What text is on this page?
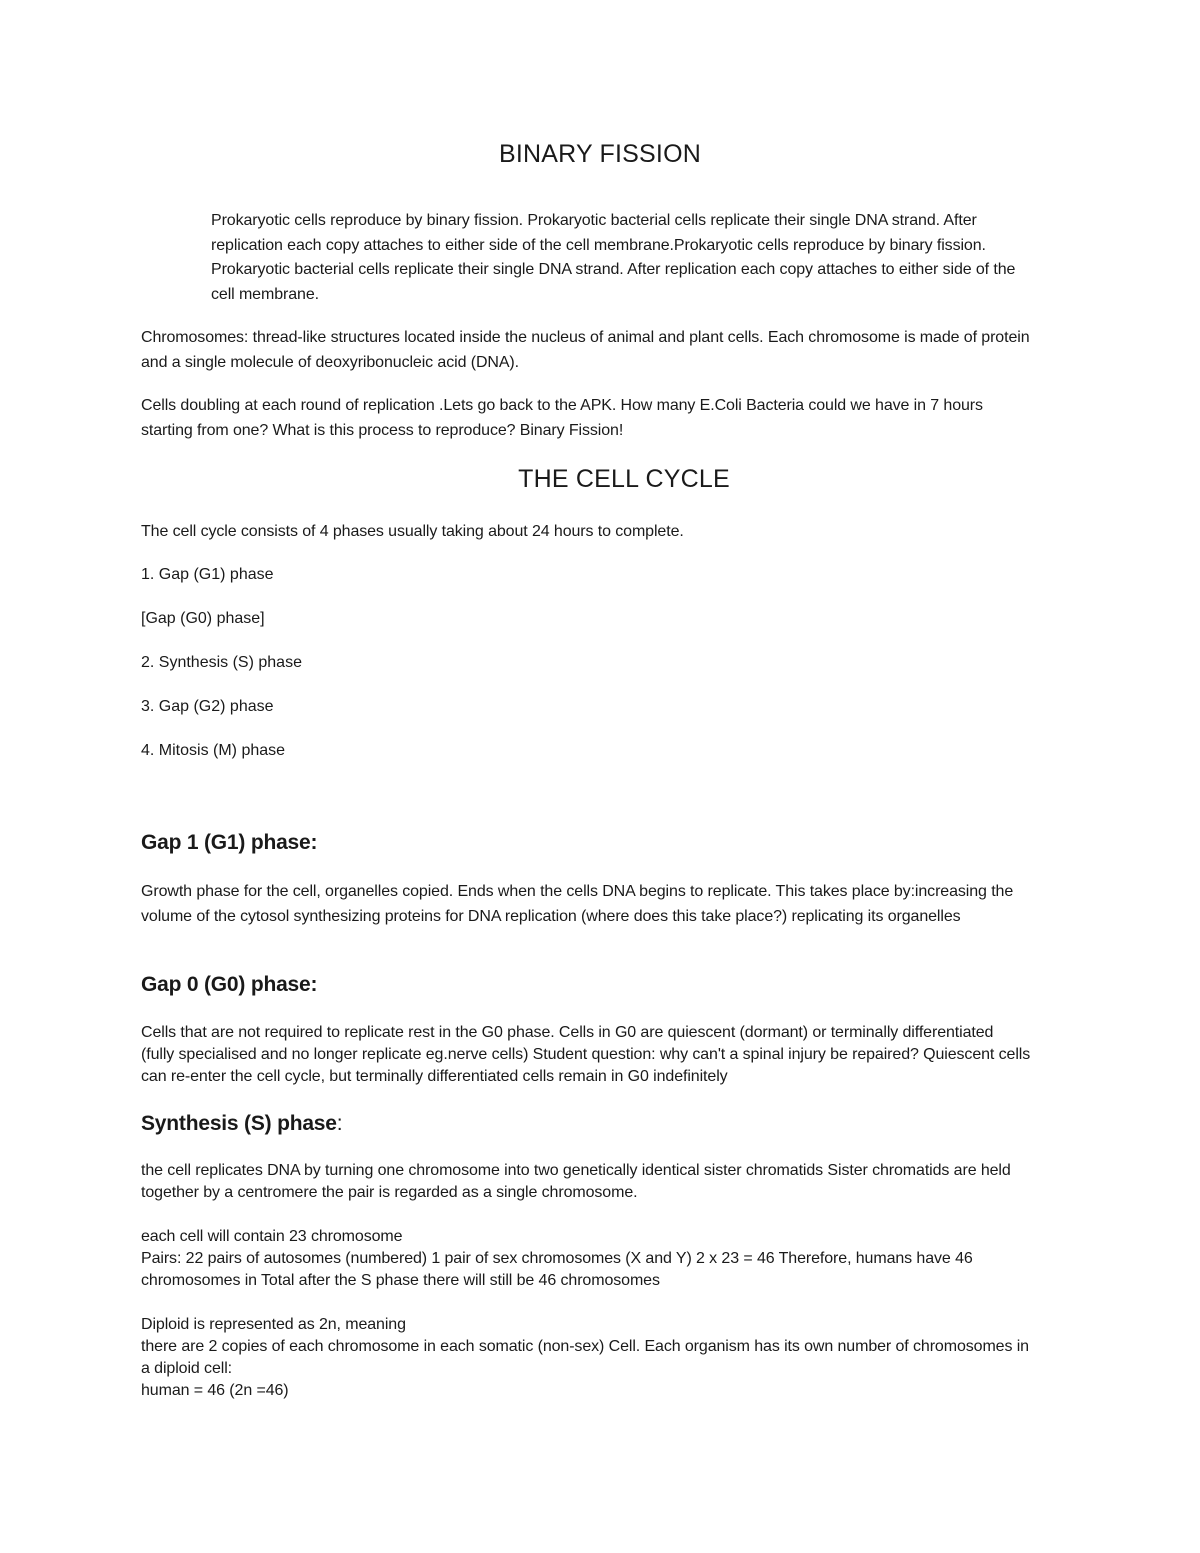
BINARY FISSION
Prokaryotic cells reproduce by binary fission. Prokaryotic bacterial cells replicate their single DNA strand. After
replication each copy attaches to either side of the cell membrane.Prokaryotic cells reproduce by binary fission.
Prokaryotic bacterial cells replicate their single DNA strand. After replication each copy attaches to either side of the
cell membrane.
Chromosomes: thread-like structures located inside the nucleus of animal and plant cells. Each chromosome is made of protein
and a single molecule of deoxyribonucleic acid (DNA).
Cells doubling at each round of replication .Lets go back to the APK. How many E.Coli Bacteria could we have in 7 hours
starting from one? What is this process to reproduce? Binary Fission!
THE CELL CYCLE

The cell cycle consists of 4 phases usually taking about 24 hours to complete.

1. Gap (G1) phase

[Gap (G0) phase]

2. Synthesis (S) phase

3. Gap (G2) phase

4. Mitosis (M) phase

Gap 1 (G1) phase:
Growth phase for the cell, organelles copied. Ends when the cells DNA begins to replicate. This takes place by:increasing the
volume of the cytosol synthesizing proteins for DNA replication (where does this take place?) replicating its organelles
Gap 0 (G0) phase:
Cells that are not required to replicate rest in the G0 phase. Cells in G0 are quiescent (dormant) or terminally differentiated
(fully specialised and no longer replicate eg.nerve cells) Student question: why can't a spinal injury be repaired? Quiescent cells
can re-enter the cell cycle, but terminally differentiated cells remain in G0 indefinitely
Synthesis (S) phase:
the cell replicates DNA by turning one chromosome into two genetically identical sister chromatids Sister chromatids are held
together by a centromere the pair is regarded as a single chromosome.
each cell will contain 23 chromosome
Pairs: 22 pairs of autosomes (numbered) 1 pair of sex chromosomes (X and Y) 2 x 23 = 46 Therefore, humans have 46
chromosomes in Total after the S phase there will still be 46 chromosomes
Diploid is represented as 2n, meaning
there are 2 copies of each chromosome in each somatic (non-sex) Cell. Each organism has its own number of chromosomes in
a diploid cell:
human = 46 (2n =46)
